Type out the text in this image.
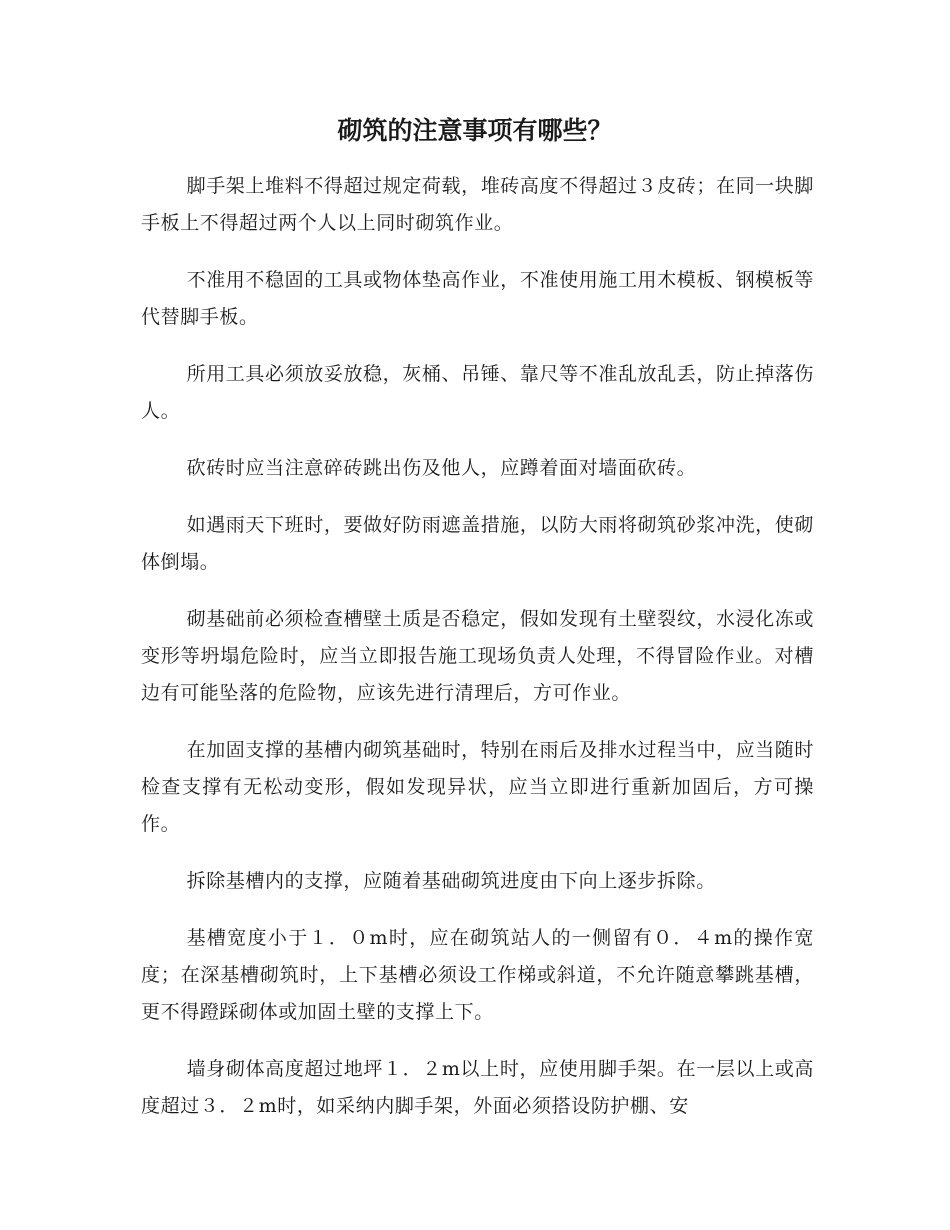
砌筑的注意事项有哪些？

脚手架上堆料不得超过规定荷载，堆砖高度不得超过３皮砖；在同一块脚手板上不得超过两个人以上同时砌筑作业。

不准用不稳固的工具或物体垫高作业，不准使用施工用木模板、钢模板等代替脚手板。

所用工具必须放妥放稳，灰桶、吊锤、靠尺等不准乱放乱丢，防止掉落伤人。

砍砖时应当注意碎砖跳出伤及他人，应蹲着面对墙面砍砖。

如遇雨天下班时，要做好防雨遮盖措施，以防大雨将砌筑砂浆冲洗，使砌体倒塌。

砌基础前必须检查槽壁土质是否稳定，假如发现有土壁裂纹，水浸化冻或变形等坍塌危险时，应当立即报告施工现场负责人处理，不得冒险作业。对槽边有可能坠落的危险物，应该先进行清理后，方可作业。

在加固支撑的基槽内砌筑基础时，特别在雨后及排水过程当中，应当随时检查支撑有无松动变形，假如发现异状，应当立即进行重新加固后，方可操作。

拆除基槽内的支撑，应随着基础砌筑进度由下向上逐步拆除。

基槽宽度小于１．０m时，应在砌筑站人的一侧留有０．４m的操作宽度；在深基槽砌筑时，上下基槽必须设工作梯或斜道，不允许随意攀跳基槽，更不得蹬踩砌体或加固土壁的支撑上下。

墙身砌体高度超过地坪１．２m以上时，应使用脚手架。在一层以上或高度超过３．２m时，如采纳内脚手架，外面必须搭设防护棚、安
